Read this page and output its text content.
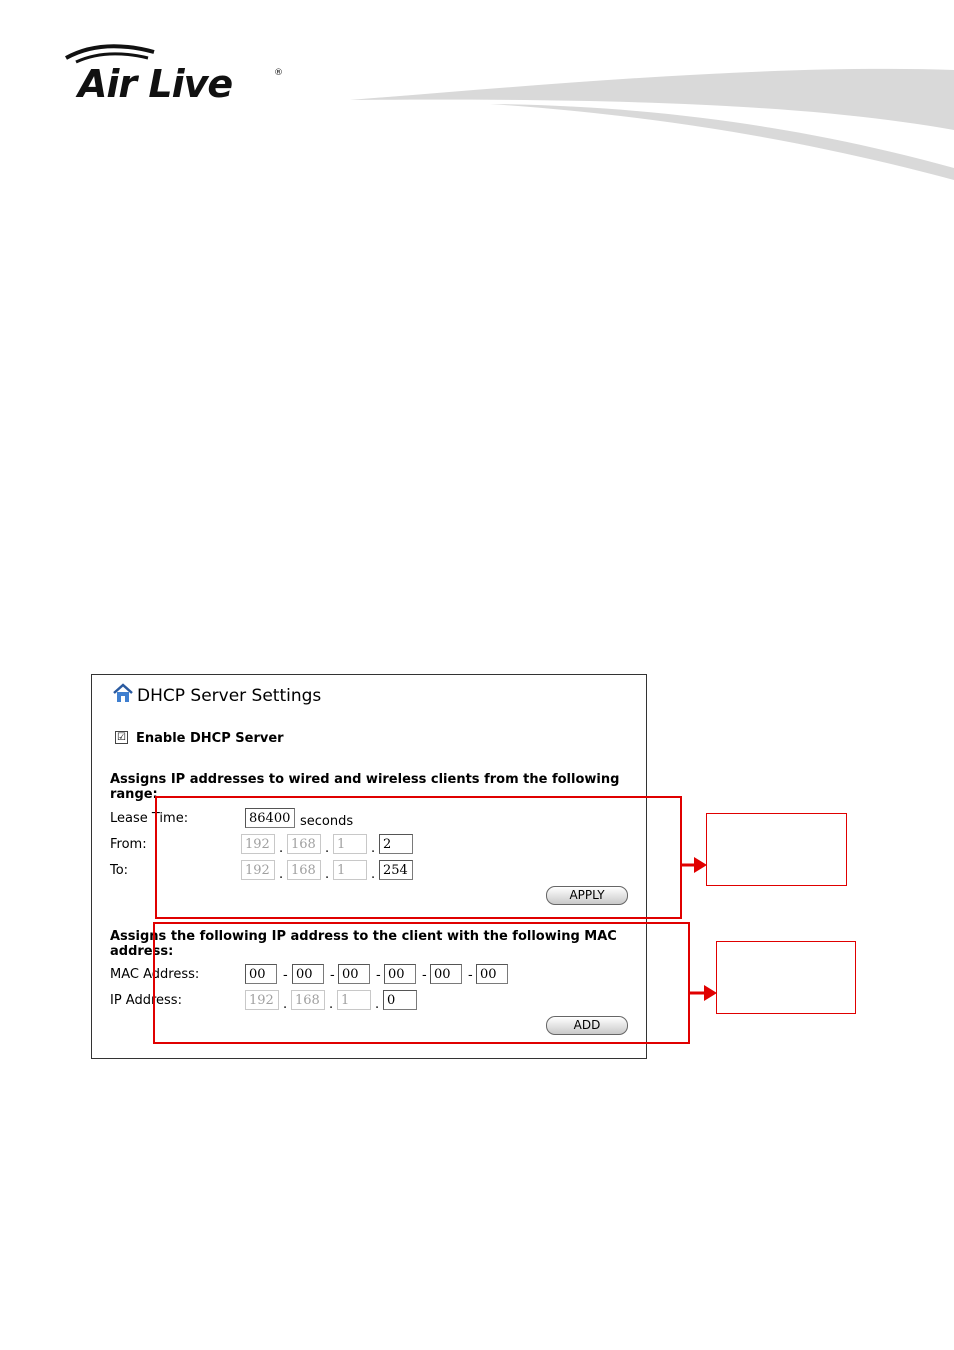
Air Live	®
DHCP Server Settings
☑ Enable DHCP Server
Assigns IP addresses to wired and wireless clients from the following range:
Lease Time:	86400 seconds
From:	192 . 168 . 1	. 2
To:	192 . 168 . 1	. 254
APPLY
Assigns the following IP address to the client with the following MAC address:
MAC Address:	00	- 00	- 00	- 00	- 00	- 00
IP Address:	192 . 168 . 1	. 0
ADD
